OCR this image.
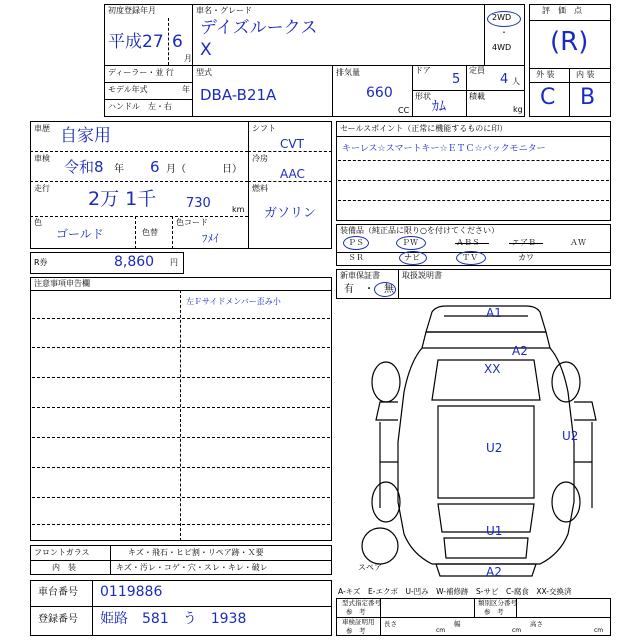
初度登録年月
平成27 6
月
車名・グレード
デイズルークス
X
2WD
・
4WD
ディーラー・並 行
モデル年式	年
ハンドル　左・右
型式
DBA-B21A
排気量
660
CC
ドア
5
定員
4 人
形状
ｶﾑ
積載
kg
評　価　点
(R)
外 装	内 装
C B
車歴 自家用
車検 令和8 年 6 月（	日）
走行 2万 1千 730	km
色
ゴールド	色替
色コード
ﾌﾒｲ
シフト
CVT
冷房
AAC
燃料
ガソリン
R券	8,860 円
セールスポイント（正常に機能するものに印）
キーレス☆スマートキー☆ＥＴＣ☆バックモニター
装備品（純正品に限り○を付けてください）
ＰＳ	ＰＷ	ＡＢＳ	エアＢ	ＡＷ
ＳＲ	ナビ	ＴＶ	カワ
新車保証書	取扱説明書
有　・　無
注意事項申告欄
左Ｆサイドメンバー歪み小
A1
A2
XX
U2
U2
U1
A2
スペア
フロントガラス	キズ・飛石・ヒビ割・リペア跡・Ｘ要
内　装	キズ・汚レ・コゲ・穴・スレ・キレ・破レ
車台番号 0119886
登録番号 姫路　581　う　1938
A-キズ　E-エクボ　U-凹み　W-補修跡　S-サビ　C-腐食　XX-交換済
型式指定番号
参　考
類別区分番号
参　考
車検証明用
参　考
長さ	幅	高さ
cm	cm	cm
